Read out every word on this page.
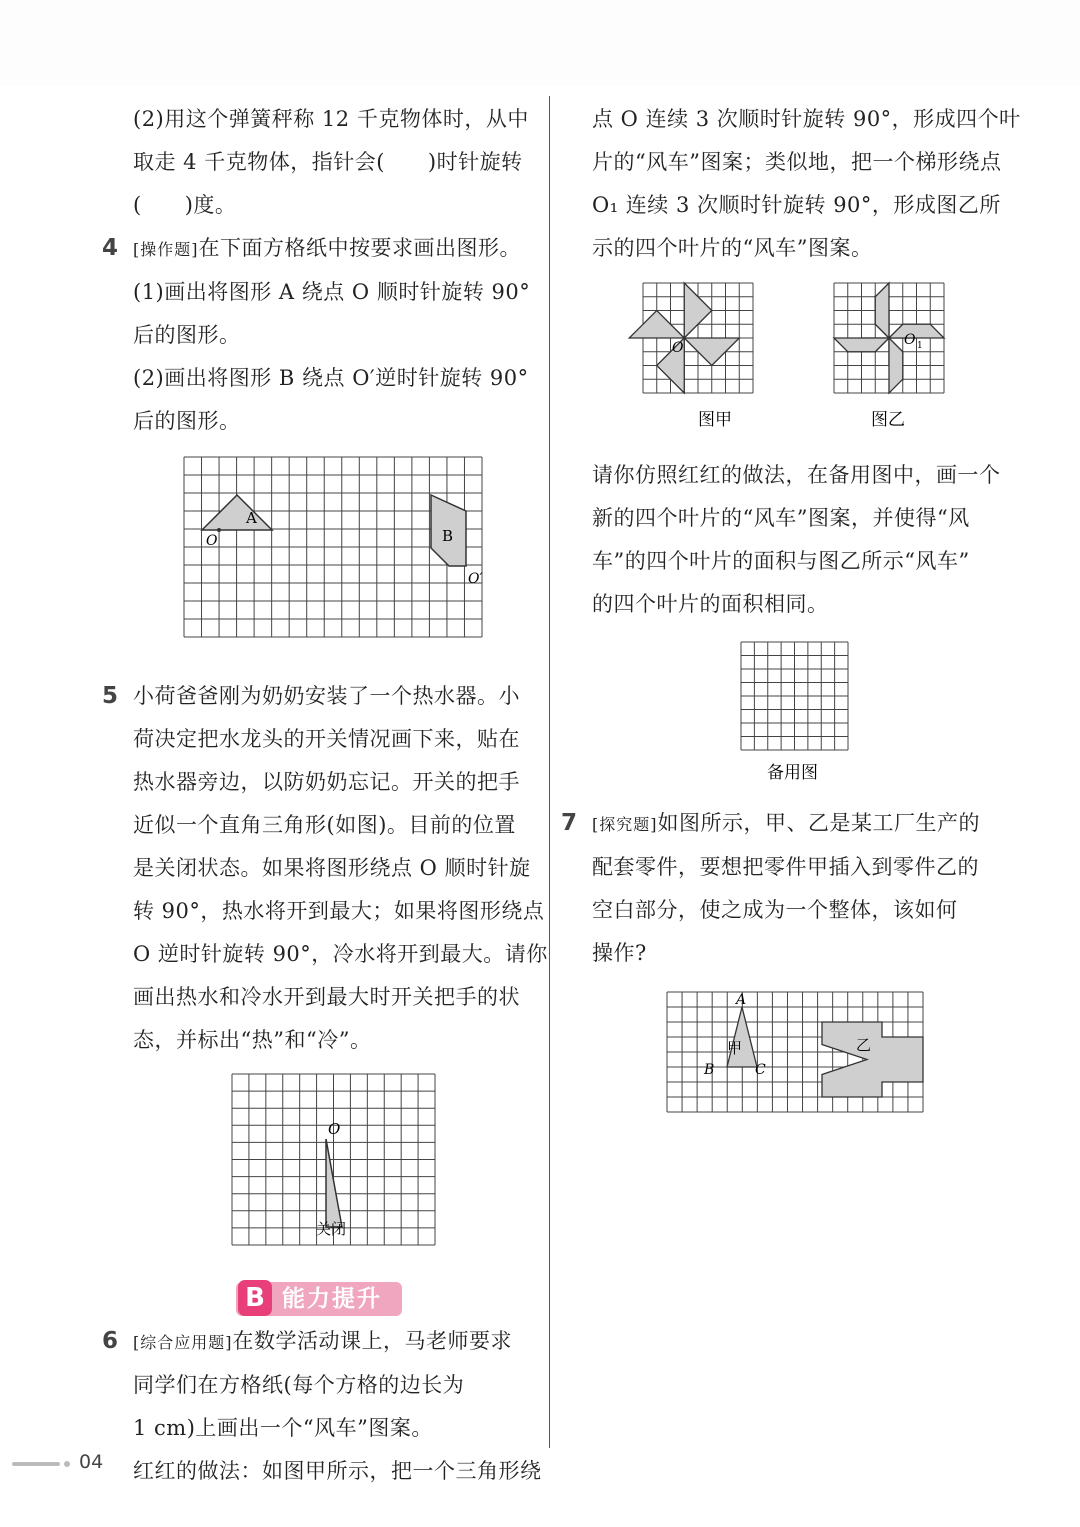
(2)用这个弹簧秤称 12 千克物体时，从中

取走 4 千克物体，指针会(　　)时针旋转

(　　)度。

4 [操作题]在下面方格纸中按要求画出图形。

(1)画出将图形 A 绕点 O 顺时针旋转 90°

后的图形。

(2)画出将图形 B 绕点 O′逆时针旋转 90°

后的图形。

A
O	B
O′

5 小荷爸爸刚为奶奶安装了一个热水器。小

荷决定把水龙头的开关情况画下来，贴在

热水器旁边，以防奶奶忘记。开关的把手

近似一个直角三角形(如图)。目前的位置

是关闭状态。如果将图形绕点 O 顺时针旋

转 90°，热水将开到最大；如果将图形绕点

O 逆时针旋转 90°，冷水将开到最大。请你

画出热水和冷水开到最大时开关把手的状

态，并标出“热”和“冷”。

O
关闭
B 能力提升

6 [综合应用题]在数学活动课上，马老师要求

同学们在方格纸(每个方格的边长为

1 cm)上画出一个“风车”图案。

红红的做法：如图甲所示，把一个三角形绕

点 O 连续 3 次顺时针旋转 90°，形成四个叶

片的“风车”图案；类似地，把一个梯形绕点

O₁ 连续 3 次顺时针旋转 90°，形成图乙所

示的四个叶片的“风车”图案。

O
图甲
O 1
图乙

请你仿照红红的做法，在备用图中，画一个

新的四个叶片的“风车”图案，并使得“风

车”的四个叶片的面积与图乙所示“风车”

的四个叶片的面积相同。

备用图

7 [探究题]如图所示，甲、乙是某工厂生产的

配套零件，要想把零件甲插入到零件乙的

空白部分，使之成为一个整体，该如何

操作?

A
B	C
甲	乙
04
